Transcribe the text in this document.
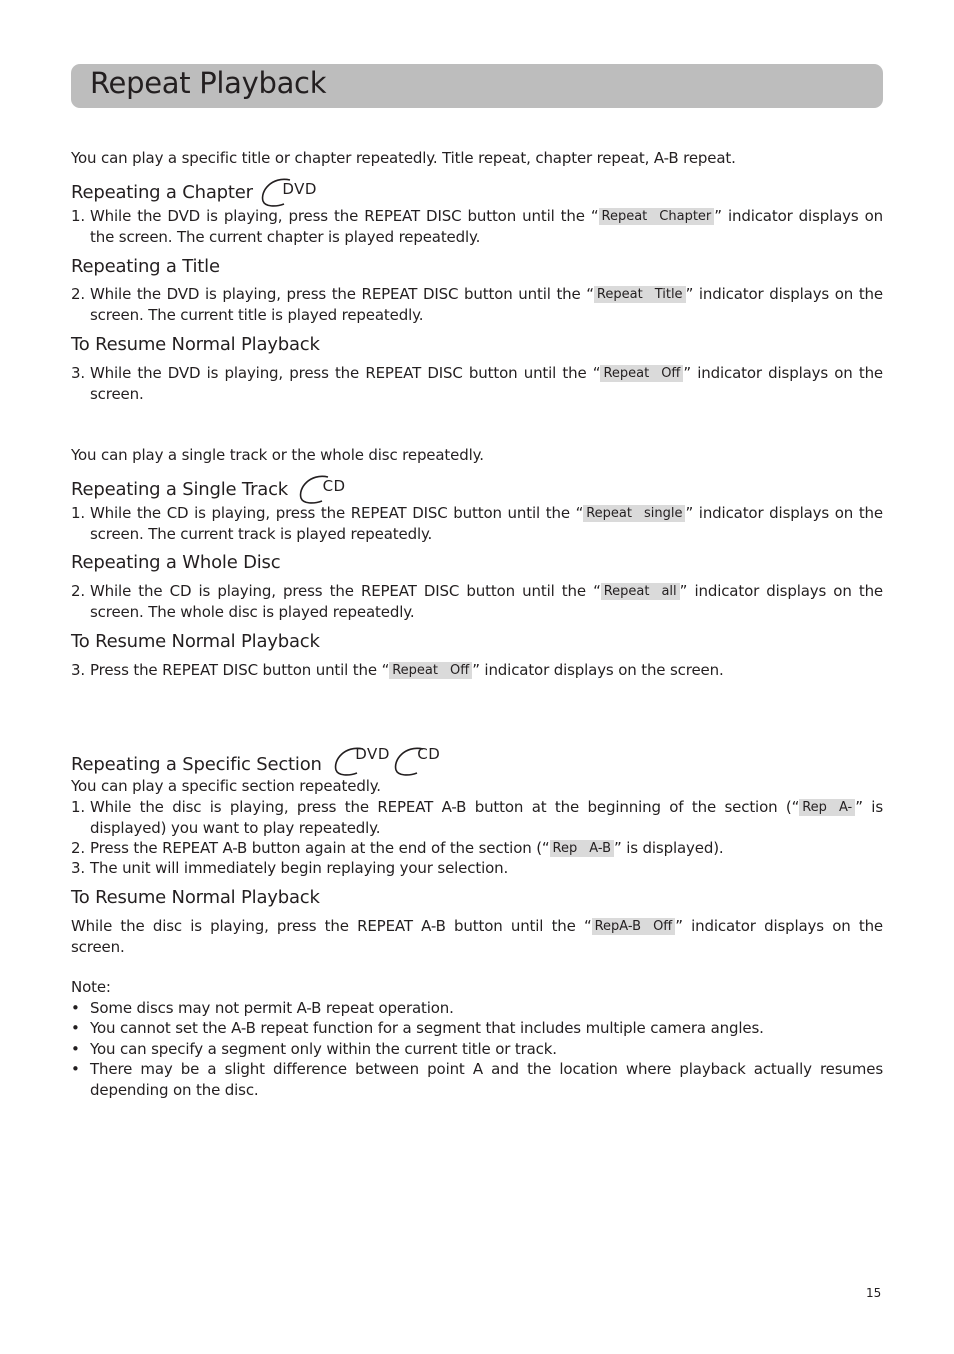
Repeat Playback
You can play a specific title or chapter repeatedly. Title repeat, chapter repeat, A-B repeat.
Repeating a Chapter DVD
1. While the DVD is playing, press the REPEAT DISC button until the “ Repeat Chapter ” indicator displays on
the screen. The current chapter is played repeatedly.
Repeating a Title
2. While the DVD is playing, press the REPEAT DISC button until the “ Repeat Title ” indicator displays on the
screen. The current title is played repeatedly.
To Resume Normal Playback
3. While the DVD is playing, press the REPEAT DISC button until the “ Repeat Off ” indicator displays on the
screen.
You can play a single track or the whole disc repeatedly.
Repeating a Single Track CD
1. While the CD is playing, press the REPEAT DISC button until the “ Repeat single ” indicator displays on the
screen. The current track is played repeatedly.
Repeating a Whole Disc
2. While the CD is playing, press the REPEAT DISC button until the “ Repeat all ” indicator displays on the
screen. The whole disc is played repeatedly.
To Resume Normal Playback
3. Press the REPEAT DISC button until the “ Repeat Off ” indicator displays on the screen.
Repeating a Specific Section DVD CD
You can play a specific section repeatedly.
1. While the disc is playing, press the REPEAT A-B button at the beginning of the section (“ Rep A- ” is
displayed) you want to play repeatedly.
2. Press the REPEAT A-B button again at the end of the section (“ Rep A-B ” is displayed).
3. The unit will immediately begin replaying your selection.
To Resume Normal Playback
While the disc is playing, press the REPEAT A-B button until the “ RepA-B Off ” indicator displays on the
screen.
Note:
• Some discs may not permit A-B repeat operation.
• You cannot set the A-B repeat function for a segment that includes multiple camera angles.
• You can specify a segment only within the current title or track.
• There may be a slight difference between point A and the location where playback actually resumes
depending on the disc.
15
